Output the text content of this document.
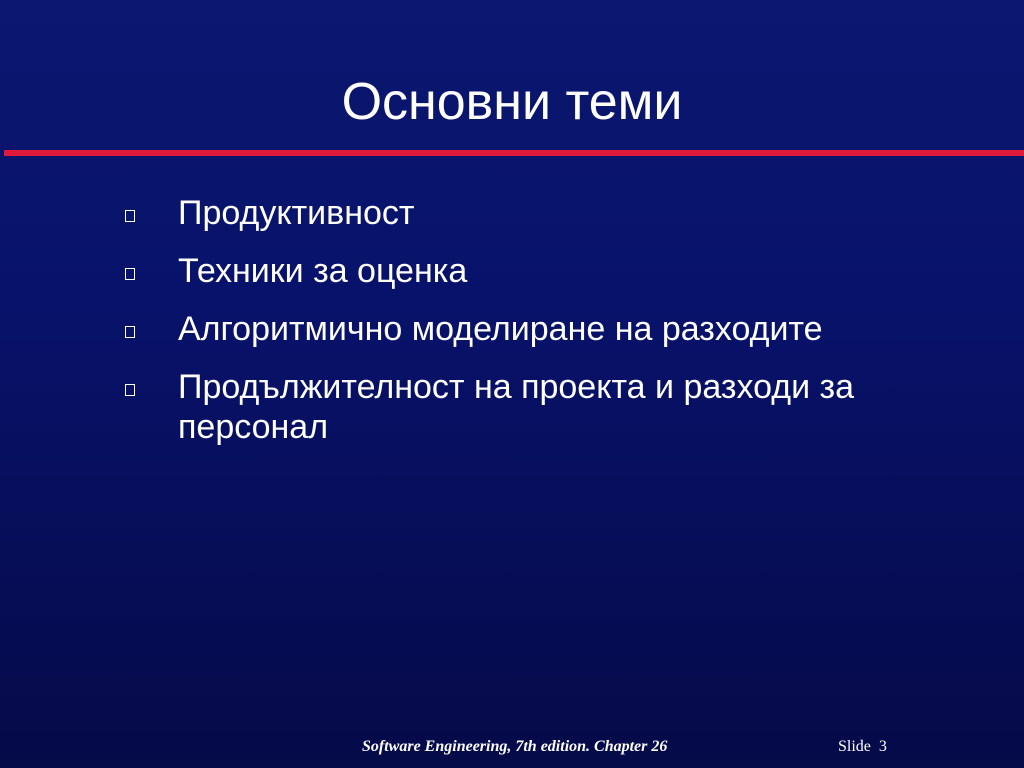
Основни теми
Продуктивност
Техники за оценка
Алгоритмично моделиране на разходите
Продължителност на проекта и разходи за персонал
Software Engineering, 7th edition. Chapter 26	Slide 3
